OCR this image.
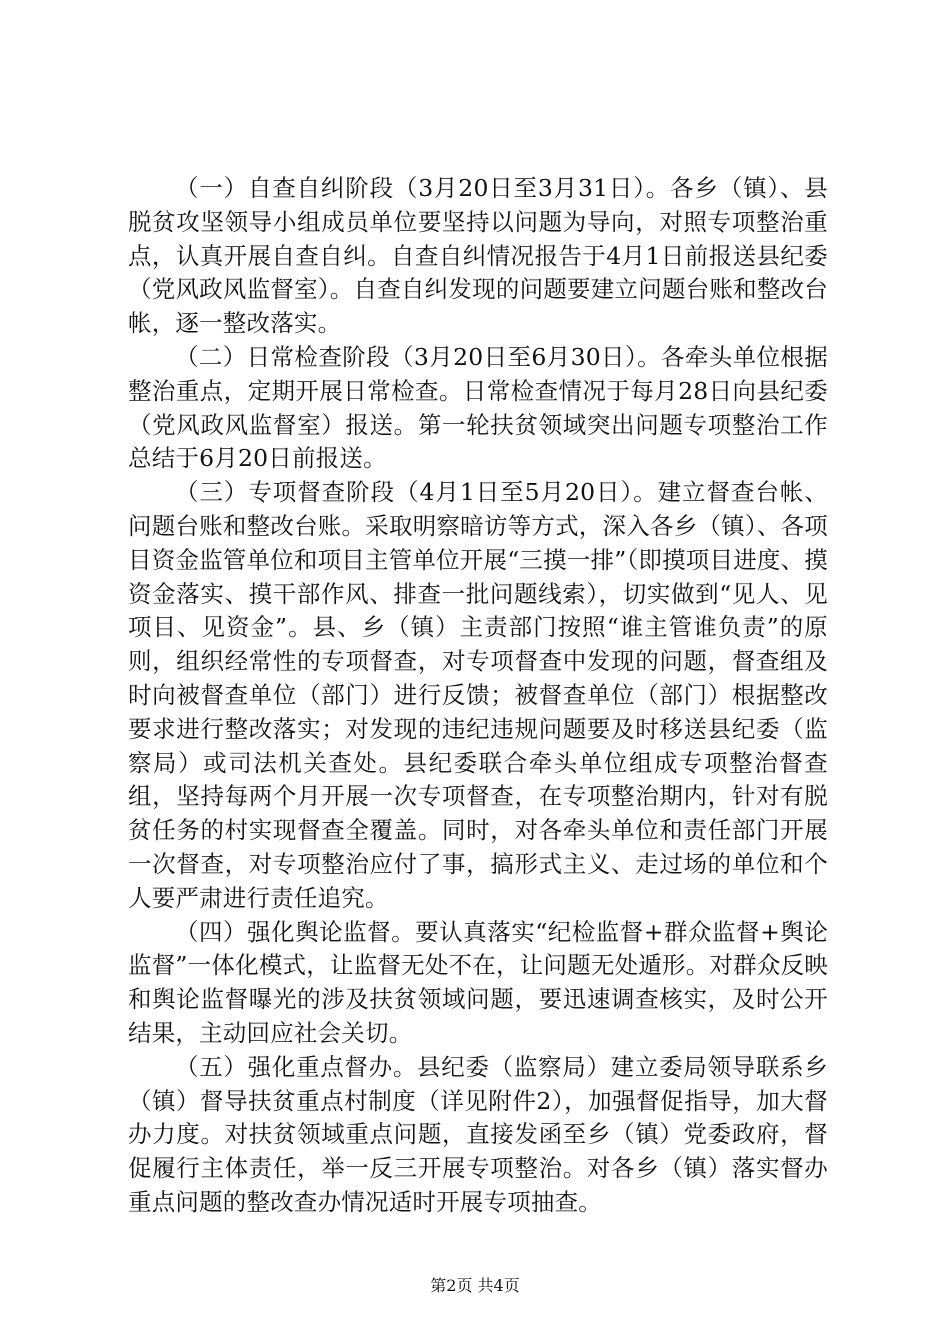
（一）自查自纠阶段（3月20日至3月31日）。各乡（镇）、县脱贫攻坚领导小组成员单位要坚持以问题为导向，对照专项整治重点，认真开展自查自纠。自查自纠情况报告于4月1日前报送县纪委（党风政风监督室）。自查自纠发现的问题要建立问题台账和整改台帐，逐一整改落实。

（二）日常检查阶段（3月20日至6月30日）。各牵头单位根据整治重点，定期开展日常检查。日常检查情况于每月28日向县纪委（党风政风监督室）报送。第一轮扶贫领域突出问题专项整治工作总结于6月20日前报送。

（三）专项督查阶段（4月1日至5月20日）。建立督查台帐、问题台账和整改台账。采取明察暗访等方式，深入各乡（镇）、各项目资金监管单位和项目主管单位开展“三摸一排”（即摸项目进度、摸资金落实、摸干部作风、排查一批问题线索），切实做到“见人、见项目、见资金”。县、乡（镇）主责部门按照“谁主管谁负责”的原则，组织经常性的专项督查，对专项督查中发现的问题，督查组及时向被督查单位（部门）进行反馈；被督查单位（部门）根据整改要求进行整改落实；对发现的违纪违规问题要及时移送县纪委（监察局）或司法机关查处。县纪委联合牵头单位组成专项整治督查组，坚持每两个月开展一次专项督查，在专项整治期内，针对有脱贫任务的村实现督查全覆盖。同时，对各牵头单位和责任部门开展一次督查，对专项整治应付了事，搞形式主义、走过场的单位和个人要严肃进行责任追究。

（四）强化舆论监督。要认真落实“纪检监督+群众监督+舆论监督”一体化模式，让监督无处不在，让问题无处遁形。对群众反映和舆论监督曝光的涉及扶贫领域问题，要迅速调查核实，及时公开结果，主动回应社会关切。

（五）强化重点督办。县纪委（监察局）建立委局领导联系乡（镇）督导扶贫重点村制度（详见附件2），加强督促指导，加大督办力度。对扶贫领域重点问题，直接发函至乡（镇）党委政府，督促履行主体责任，举一反三开展专项整治。对各乡（镇）落实督办重点问题的整改查办情况适时开展专项抽查。

第2页 共4页
